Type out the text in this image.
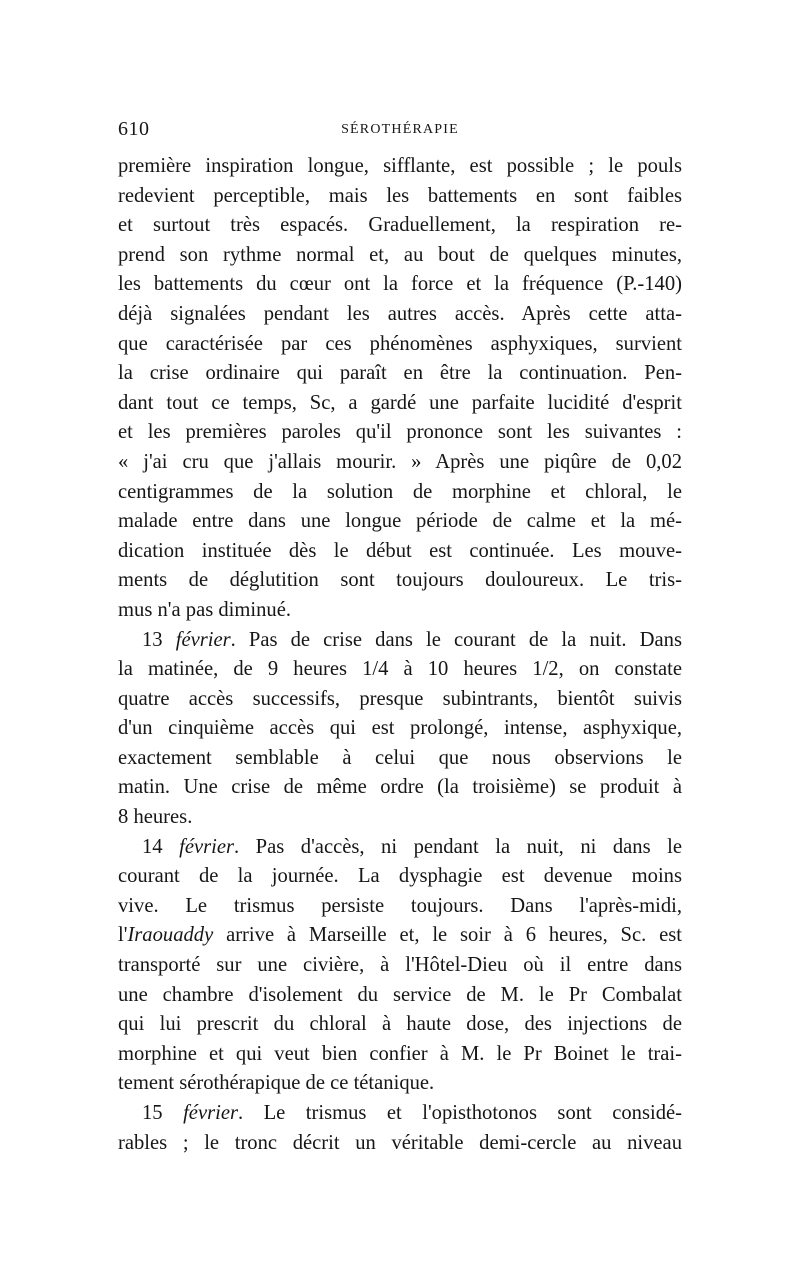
610	SÉROTHÉRAPIE
première inspiration longue, sifflante, est possible ; le pouls
redevient perceptible, mais les battements en sont faibles
et surtout très espacés. Graduellement, la respiration re-
prend son rythme normal et, au bout de quelques minutes,
les battements du cœur ont la force et la fréquence (P.-140)
déjà signalées pendant les autres accès. Après cette atta-
que caractérisée par ces phénomènes asphyxiques, survient
la crise ordinaire qui paraît en être la continuation. Pen-
dant tout ce temps, Sc, a gardé une parfaite lucidité d'esprit
et les premières paroles qu'il prononce sont les suivantes :
« j'ai cru que j'allais mourir. » Après une piqûre de 0,02
centigrammes de la solution de morphine et chloral, le
malade entre dans une longue période de calme et la mé-
dication instituée dès le début est continuée. Les mouve-
ments de déglutition sont toujours douloureux. Le tris-
mus n'a pas diminué.
13 février. Pas de crise dans le courant de la nuit. Dans
la matinée, de 9 heures 1/4 à 10 heures 1/2, on constate
quatre accès successifs, presque subintrants, bientôt suivis
d'un cinquième accès qui est prolongé, intense, asphyxique,
exactement semblable à celui que nous observions le
matin. Une crise de même ordre (la troisième) se produit à
8 heures.
14 février. Pas d'accès, ni pendant la nuit, ni dans le
courant de la journée. La dysphagie est devenue moins
vive. Le trismus persiste toujours. Dans l'après-midi,
l'Iraouaddy arrive à Marseille et, le soir à 6 heures, Sc. est
transporté sur une civière, à l'Hôtel-Dieu où il entre dans
une chambre d'isolement du service de M. le Pr Combalat
qui lui prescrit du chloral à haute dose, des injections de
morphine et qui veut bien confier à M. le Pr Boinet le trai-
tement sérothérapique de ce tétanique.
15 février. Le trismus et l'opisthotonos sont considé-
rables ; le tronc décrit un véritable demi-cercle au niveau
